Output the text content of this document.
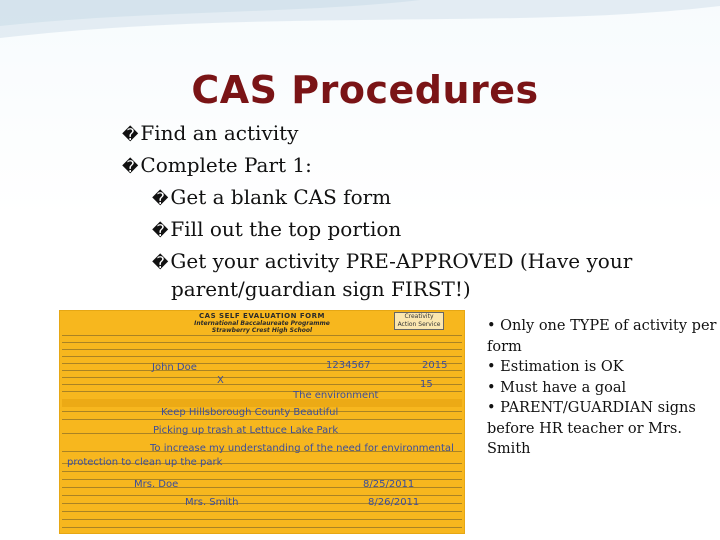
CAS Procedures
� Find an activity
� Complete Part 1:
� Get a blank CAS form
� Fill out the top portion
� Get your activity PRE-APPROVED (Have your
parent/guardian sign FIRST!)
CAS SELF EVALUATION FORM
International Baccalaureate Programme
Strawberry Crest High School
Creativity Action Service
John Doe	1234567	2015
X	15
The environment
Keep Hillsborough County Beautiful
Picking up trash at Lettuce Lake Park
To increase my understanding of the need for environmental
protection to clean up the park
Mrs. Doe	8/25/2011
Mrs. Smith	8/26/2011
• Only one TYPE of activity per form
• Estimation is OK
• Must have a goal
• PARENT/GUARDIAN signs before HR teacher or Mrs. Smith
